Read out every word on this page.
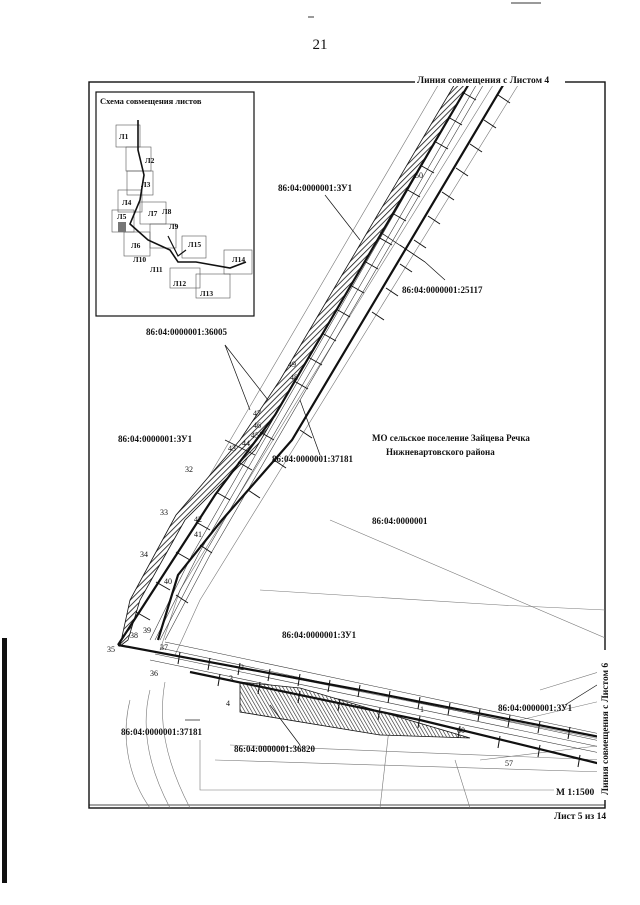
21
Линия совмещения с Листом 4
Схема совмещения листов
Л1
Л2
Л3
Л4
Л5
Л6
Л7 Л8
Л9
Л10
Л11
Л12
Л13
Л14
Л15
86:04:0000001:ЗУ1
86:04:0000001:25117
86:04:0000001:36005
86:04:0000001:ЗУ1
86:04:0000001:37181
МО сельское поселение Зайцева Речка
Нижневартовского района
86:04:0000001
86:04:0000001:ЗУ1
86:04:0000001:ЗУ1
86:04:0000001:37181
86:04:0000001:36820
1
2
3
4
32
33
34
35
36
37
38
39
40
41
42
43
44
45
46
47
48
49
50
57
60	Линия совмещения с Листом 6
М 1:1500
Лист 5 из 14
